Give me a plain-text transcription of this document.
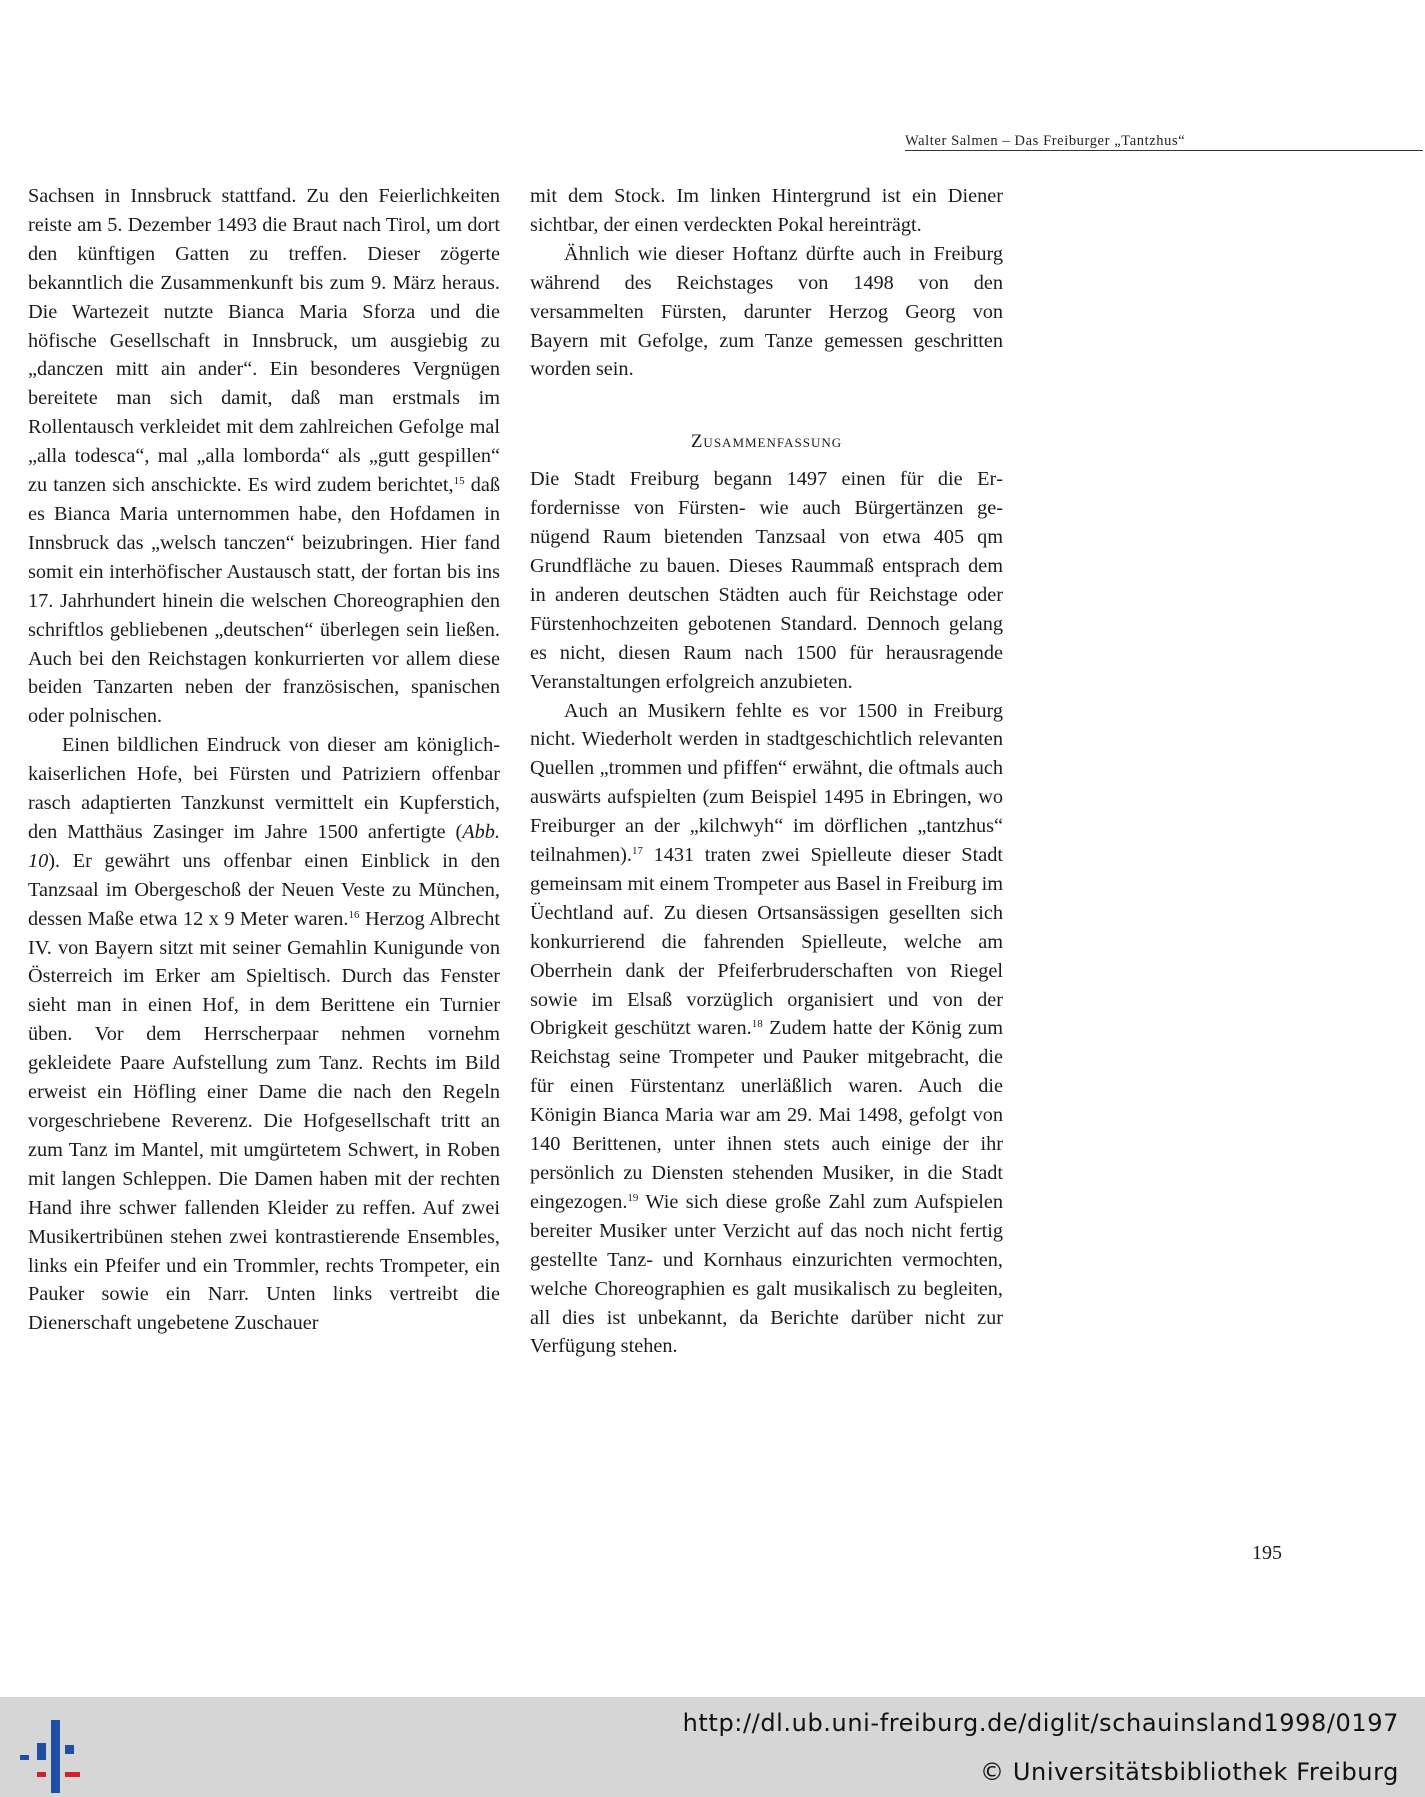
Walter Salmen – Das Freiburger „Tantzhus“

Sachsen in Innsbruck stattfand. Zu den Feierlichkeiten reiste am 5. Dezember 1493 die Braut nach Tirol, um dort den künftigen Gatten zu treffen. Dieser zögerte bekanntlich die Zusammenkunft bis zum 9. März heraus. Die Wartezeit nutzte Bianca Maria Sforza und die höfische Gesellschaft in Innsbruck, um ausgiebig zu „danczen mitt ain ander“. Ein besonderes Vergnügen bereitete man sich damit, daß man erstmals im Rollentausch verkleidet mit dem zahlreichen Gefolge mal „alla todesca“, mal „alla lomborda“ als „gutt gespillen“ zu tanzen sich anschickte. Es wird zudem berichtet,$^{15}$ daß es Bianca Maria unternommen habe, den Hofdamen in Innsbruck das „welsch tanczen“ beizubringen. Hier fand somit ein interhöfischer Austausch statt, der fortan bis ins 17. Jahrhundert hinein die welschen Choreographien den schriftlos gebliebenen „deutschen“ überlegen sein ließen. Auch bei den Reichstagen konkurrierten vor allem diese beiden Tanzarten neben der französischen, spanischen oder polnischen.

Einen bildlichen Eindruck von dieser am königlich-kaiserlichen Hofe, bei Fürsten und Patriziern offenbar rasch adaptierten Tanzkunst vermittelt ein Kupferstich, den Matthäus Zasinger im Jahre 1500 anfertigte (Abb. 10). Er gewährt uns offenbar einen Einblick in den Tanzsaal im Obergeschoß der Neuen Veste zu München, dessen Maße etwa 12 x 9 Meter waren.$^{16}$ Herzog Albrecht IV. von Bayern sitzt mit seiner Gemahlin Kunigunde von Österreich im Erker am Spieltisch. Durch das Fenster sieht man in einen Hof, in dem Berittene ein Turnier üben. Vor dem Herrscherpaar nehmen vornehm gekleidete Paare Aufstellung zum Tanz. Rechts im Bild erweist ein Höfling einer Dame die nach den Regeln vorgeschriebene Reverenz. Die Hofgesellschaft tritt an zum Tanz im Mantel, mit umgürtetem Schwert, in Roben mit langen Schleppen. Die Damen haben mit der rechten Hand ihre schwer fallenden Kleider zu reffen. Auf zwei Musikertribünen stehen zwei kontrastierende Ensembles, links ein Pfeifer und ein Trommler, rechts Trompeter, ein Pauker sowie ein Narr. Unten links vertreibt die Dienerschaft ungebetene Zuschauer

mit dem Stock. Im linken Hintergrund ist ein Diener sichtbar, der einen verdeckten Pokal hereinträgt.

Ähnlich wie dieser Hoftanz dürfte auch in Freiburg während des Reichstages von 1498 von den versammelten Fürsten, darunter Herzog Georg von Bayern mit Gefolge, zum Tanze gemessen geschritten worden sein.

Zusammenfassung

Die Stadt Freiburg begann 1497 einen für die Erfordernisse von Fürsten- wie auch Bürgertänzen genügend Raum bietenden Tanzsaal von etwa 405 qm Grundfläche zu bauen. Dieses Raummaß entsprach dem in anderen deutschen Städten auch für Reichstage oder Fürstenhochzeiten gebotenen Standard. Dennoch gelang es nicht, diesen Raum nach 1500 für herausragende Veranstaltungen erfolgreich anzubieten.

Auch an Musikern fehlte es vor 1500 in Freiburg nicht. Wiederholt werden in stadtgeschichtlich relevanten Quellen „trommen und pfiffen“ erwähnt, die oftmals auch auswärts aufspielten (zum Beispiel 1495 in Ebringen, wo Freiburger an der „kilchwyh“ im dörflichen „tantzhus“ teilnahmen).$^{17}$ 1431 traten zwei Spielleute dieser Stadt gemeinsam mit einem Trompeter aus Basel in Freiburg im Üechtland auf. Zu diesen Ortsansässigen gesellten sich konkurrierend die fahrenden Spielleute, welche am Oberrhein dank der Pfeiferbruderschaften von Riegel sowie im Elsaß vorzüglich organisiert und von der Obrigkeit geschützt waren.$^{18}$ Zudem hatte der König zum Reichstag seine Trompeter und Pauker mitgebracht, die für einen Fürstentanz unerläßlich waren. Auch die Königin Bianca Maria war am 29. Mai 1498, gefolgt von 140 Berittenen, unter ihnen stets auch einige der ihr persönlich zu Diensten stehenden Musiker, in die Stadt eingezogen.$^{19}$ Wie sich diese große Zahl zum Aufspielen bereiter Musiker unter Verzicht auf das noch nicht fertig gestellte Tanz- und Kornhaus einzurichten vermochten, welche Choreographien es galt musikalisch zu begleiten, all dies ist unbekannt, da Berichte darüber nicht zur Verfügung stehen.

195
http://dl.ub.uni-freiburg.de/diglit/schauinsland1998/0197
© Universitätsbibliothek Freiburg
